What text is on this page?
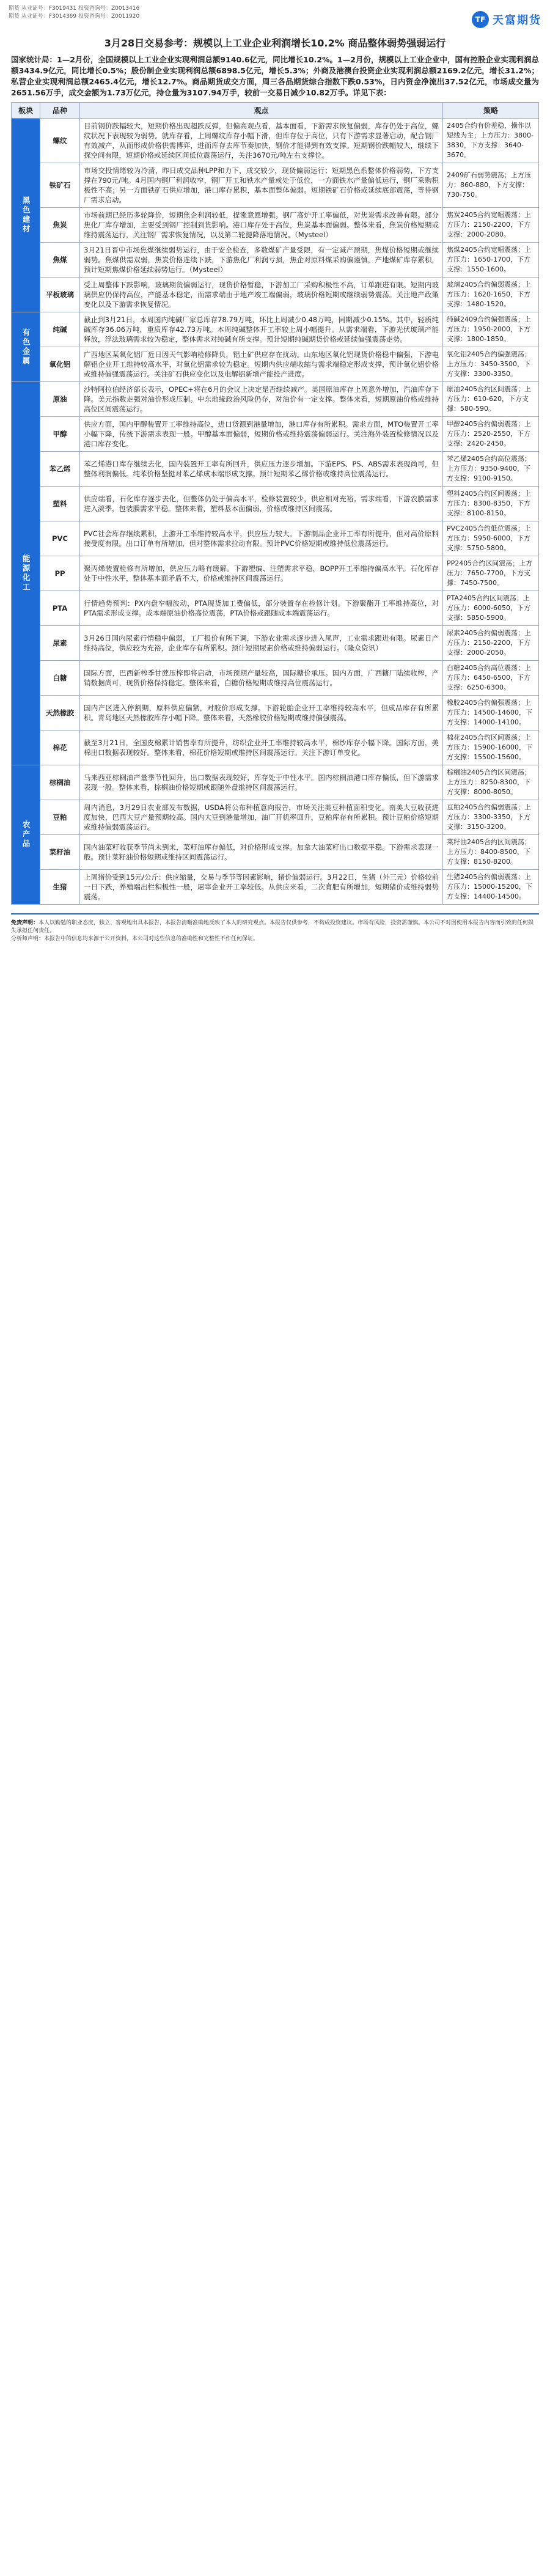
期货 从业证号：F3019431 投资咨询号：Z0013416
期货 从业证号：F3014369 投资咨询号：Z0011920	TF 天富期货
3月28日交易参考：规模以上工业企业利润增长10.2% 商品整体弱势强弱运行
国家统计局：1—2月份，全国规模以上工业企业实现利润总额9140.6亿元，同比增长10.2%。1—2月份，规模以上工业企业中，国有控股企业实现利润总额3434.9亿元，同比增长0.5%；股份制企业实现利润总额6898.5亿元，增长5.3%；外商及港澳台投资企业实现利润总额2169.2亿元，增长31.2%；私营企业实现利润总额2465.4亿元，增长12.7%。商品期货成交方面，周三各品期货综合指数下跌0.53%，日内资金净流出37.52亿元，市场成交量为2651.56万手，成交金额为1.73万亿元，持仓量为3107.94万手，较前一交易日减少10.82万手。详见下表：
板块	品种	观点	策略
黑色建材	螺纹	目前钢价跌幅较大，短期价格出现超跌反弹，但偏高观点看，基本面看，下游需求恢复偏弱，库存仍处于高位，螺纹状况下表现较为弱势。就库存看，上周螺纹库存小幅下滑，但库存位于高位，只有下游需求显著启动，配合钢厂有效减产，从而形成价格供需博弈，进而库存去库节奏加快，钢价才能得到有效支撑。短期钢价跌幅较大，继续下探空间有限，短期价格或延续区间低位震荡运行，关注3670元/吨左右支撑位。	2405合约有价差稳，操作以短线为主；上方压力：3800-3830，下方支撑：3640-3670。
	铁矿石	市场交投情绪较为冷清，昨日成交品种LPP和力下，成交较少，现货偏弱运行；短期黑色系整体价格弱势，下方支撑在790元/吨。4月国内钢厂利润收窄，钢厂开工和铁水产量或处于低位，一方面铁水产量偏低运行，钢厂采购积极性不高；另一方面铁矿石供应增加，港口库存累积，基本面整体偏弱。短期铁矿石价格或延续底部震荡，等待钢厂需求启动。	2409矿石弱势震荡；上方压力：860-880，下方支撑：730-750。
	焦炭	市场前期已经历多轮降价，短期焦企利润较低，提涨意愿增强。钢厂高炉开工率偏低，对焦炭需求改善有限。部分焦化厂库存增加，主要受到钢厂控制到货影响。港口库存处于高位，焦炭基本面偏弱。整体来看，焦炭价格短期或维持震荡运行，关注钢厂需求恢复情况，以及第二轮提降落地情况。（Mysteel）	焦炭2405合约宽幅震荡；上方压力：2150-2200，下方支撑：2000-2080。
	焦煤	3月21日晋中市场焦煤继续弱势运行，由于安全检查，多数煤矿产量受限，有一定减产预期，焦煤价格短期或继续弱势。焦煤供需双弱，焦炭价格连续下跌，下游焦化厂利润亏损，焦企对原料煤采购偏谨慎，产地煤矿库存累积，预计短期焦煤价格延续弱势运行。（Mysteel）	焦煤2405合约宽幅震荡；上方压力：1650-1700，下方支撑：1550-1600。
	平板玻璃	受上周整体下跌影响，玻璃期货偏弱运行，现货价格暂稳，下游加工厂采购积极性不高，订单跟进有限。短期内玻璃供应仍保持高位，产能基本稳定，而需求端由于地产竣工端偏弱，玻璃价格短期或继续弱势震荡。关注地产政策变化以及下游需求恢复情况。	玻璃2405合约偏弱震荡；上方压力：1620-1650，下方支撑：1480-1520。
有色金属	纯碱	截止到3月21日，本周国内纯碱厂家总库存78.79万吨，环比上周减少0.48万吨，同期减少0.15%。其中，轻质纯碱库存36.06万吨，重质库存42.73万吨。本周纯碱整体开工率较上周小幅提升。从需求端看，下游光伏玻璃产能释放，浮法玻璃需求较为稳定，整体需求对纯碱有所支撑。预计短期纯碱期货价格或延续偏强震荡走势。	纯碱2409合约偏强震荡；上方压力：1950-2000，下方支撑：1800-1850。
	氧化铝	广西地区某氧化铝厂近日因天气影响检修降负，铝土矿供应存在扰动。山东地区氧化铝现货价格稳中偏强，下游电解铝企业开工维持较高水平，对氧化铝需求较为稳定。短期内供应端收缩与需求端稳定形成支撑，预计氧化铝价格或维持偏强震荡运行。关注矿石供应变化以及电解铝新增产能投产进度。	氧化铝2405合约偏强震荡；上方压力：3450-3500，下方支撑：3300-3350。
能源化工	原油	沙特阿拉伯经济部长表示，OPEC+将在6月的会议上决定是否继续减产。美国原油库存上周意外增加，汽油库存下降。美元指数走强对油价形成压制。中东地缘政治风险仍存，对油价有一定支撑。整体来看，短期原油价格或维持高位区间震荡运行。	原油2405合约区间震荡；上方压力：610-620，下方支撑：580-590。
	甲醇	供应方面，国内甲醇装置开工率维持高位，进口货源到港量增加，港口库存有所累积。需求方面，MTO装置开工率小幅下降，传统下游需求表现一般。甲醇基本面偏弱，短期价格或维持震荡偏弱运行。关注海外装置检修情况以及港口库存变化。	甲醇2405合约偏弱震荡；上方压力：2520-2550，下方支撑：2420-2450。
	苯乙烯	苯乙烯港口库存继续去化，国内装置开工率有所回升，供应压力逐步增加。下游EPS、PS、ABS需求表现尚可，但整体利润偏低。纯苯价格坚挺对苯乙烯成本端形成支撑。预计短期苯乙烯价格或维持高位震荡运行。	苯乙烯2405合约高位震荡；上方压力：9350-9400，下方支撑：9100-9150。
	塑料	供应端看，石化库存逐步去化，但整体仍处于偏高水平，检修装置较少，供应相对充裕。需求端看，下游农膜需求进入淡季，包装膜需求平稳。整体来看，塑料基本面偏弱，价格或维持区间震荡。	塑料2405合约区间震荡；上方压力：8300-8350，下方支撑：8100-8150。
	PVC	PVC社会库存继续累积，上游开工率维持较高水平，供应压力较大。下游制品企业开工率有所提升，但对高价原料接受度有限。出口订单有所增加，但对整体需求拉动有限。预计PVC价格短期或维持低位震荡运行。	PVC2405合约低位震荡；上方压力：5950-6000，下方支撑：5750-5800。
	PP	聚丙烯装置检修有所增加，供应压力略有缓解。下游塑编、注塑需求平稳，BOPP开工率维持偏高水平。石化库存处于中性水平，整体基本面矛盾不大，价格或维持区间震荡运行。	PP2405合约区间震荡；上方压力：7650-7700，下方支撑：7450-7500。
	PTA	行情趋势预判：PX内盘窄幅波动，PTA现货加工费偏低，部分装置存在检修计划。下游聚酯开工率维持高位，对PTA需求形成支撑。成本端原油价格高位震荡，PTA价格或跟随成本端震荡运行。	PTA2405合约区间震荡；上方压力：6000-6050，下方支撑：5850-5900。
	尿素	3月26日国内尿素行情稳中偏弱，工厂报价有所下调，下游农业需求逐步进入尾声，工业需求跟进有限。尿素日产维持高位，供应较为充裕，企业库存有所累积。预计短期尿素价格或维持偏弱运行。（隆众资讯）	尿素2405合约偏弱震荡；上方压力：2150-2200，下方支撑：2000-2050。
	白糖	国际方面，巴西新榨季甘蔗压榨即将启动，市场预期产量较高，国际糖价承压。国内方面，广西糖厂陆续收榨，产销数据尚可，现货价格保持稳定。整体来看，白糖价格短期或维持高位震荡运行。	白糖2405合约高位震荡；上方压力：6450-6500，下方支撑：6250-6300。
	天然橡胶	国内产区进入停割期，原料供应偏紧，对胶价形成支撑。下游轮胎企业开工率维持较高水平，但成品库存有所累积。青岛地区天然橡胶库存小幅下降。整体来看，天然橡胶价格短期或维持偏强震荡。	橡胶2405合约偏强震荡；上方压力：14500-14600，下方支撑：14000-14100。
	棉花	截至3月21日，全国皮棉累计销售率有所提升，纺织企业开工率维持较高水平，棉纱库存小幅下降。国际方面，美棉出口数据表现较好。整体来看，棉花价格短期或维持区间震荡运行。关注下游订单变化。	棉花2405合约区间震荡；上方压力：15900-16000，下方支撑：15500-15600。
农产品	棕榈油	马来西亚棕榈油产量季节性回升，出口数据表现较好，库存处于中性水平。国内棕榈油港口库存偏低，但下游需求表现一般。整体来看，棕榈油价格短期或跟随外盘维持区间震荡运行。	棕榈油2405合约区间震荡；上方压力：8250-8300，下方支撑：8000-8050。
	豆粕	周内消息，3月29日农业部发布数据，USDA将公布种植意向报告，市场关注美豆种植面积变化。南美大豆收获进度加快，巴西大豆产量预期较高。国内大豆到港量增加，油厂开机率回升，豆粕库存有所累积。预计豆粕价格短期或维持偏弱震荡运行。	豆粕2405合约偏弱震荡；上方压力：3300-3350，下方支撑：3150-3200。
	菜籽油	国内油菜籽收获季节尚未到来，菜籽油库存偏低，对价格形成支撑。加拿大油菜籽出口数据平稳。下游需求表现一般。预计菜籽油价格短期或维持区间震荡运行。	菜籽油2405合约区间震荡；上方压力：8400-8500，下方支撑：8150-8200。
	生猪	上周猪价受到15元/公斤：供应缩量，交易与季节等因素影响，猪价偏弱运行。3月22日，生猪（外三元）价格较前一日下跌，养殖端出栏积极性一般，屠宰企业开工率较低。从供应来看，二次育肥有所增加，短期猪价或维持弱势震荡。	生猪2405合约偏弱震荡；上方压力：15000-15200，下方支撑：14400-14500。
免责声明：本人以勤勉的职业态度，独立、客观地出具本报告，本报告清晰准确地反映了本人的研究观点。本报告仅供参考，不构成投资建议。市场有风险，投资需谨慎。本公司不对因使用本报告内容而引致的任何损失承担任何责任。
分析师声明：本报告中的信息均来源于公开资料，本公司对这些信息的准确性和完整性不作任何保证。
